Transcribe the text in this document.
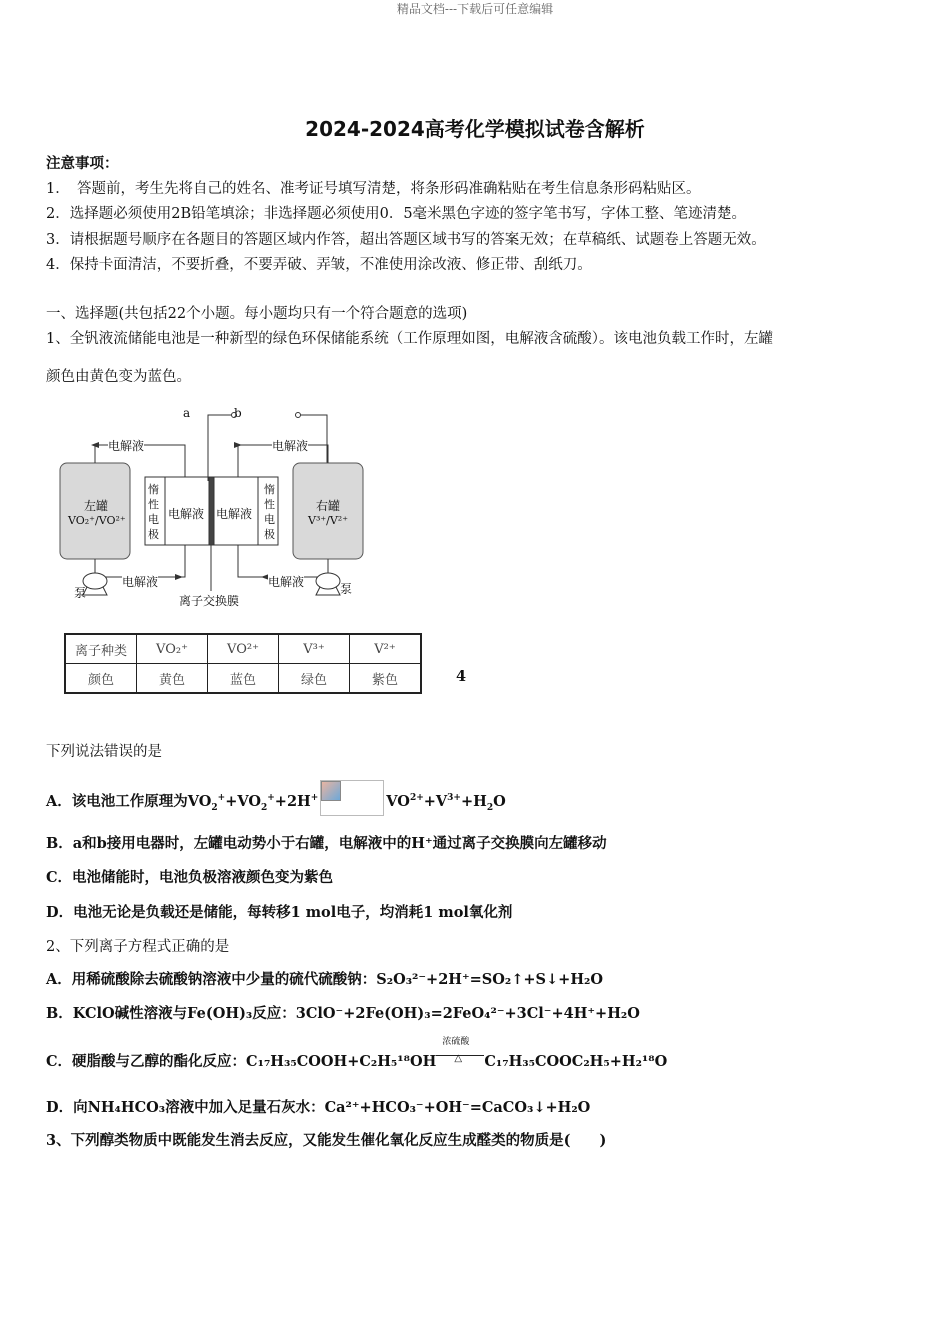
精品文档---下载后可任意编辑
2024-2024高考化学模拟试卷含解析
注意事项：
1．　答题前，考生先将自己的姓名、准考证号填写清楚，将条形码准确粘贴在考生信息条形码粘贴区。
2．选择题必须使用2B铅笔填涂；非选择题必须使用0．5毫米黑色字迹的签字笔书写，字体工整、笔迹清楚。
3．请根据题号顺序在各题目的答题区域内作答，超出答题区域书写的答案无效；在草稿纸、试题卷上答题无效。
4．保持卡面清洁，不要折叠，不要弄破、弄皱，不准使用涂改液、修正带、刮纸刀。
一、选择题(共包括22个小题。每小题均只有一个符合题意的选项)
1、全钒液流储能电池是一种新型的绿色环保储能系统（工作原理如图，电解液含硫酸）。该电池负载工作时，左罐
颜色由黄色变为蓝色。
a	b
电解液	电解液
左罐
VO₂⁺/VO²⁺
右罐
V³⁺/V²⁺
惰
性
电
极
惰
性
电
极
电解液 电解液
电解液	电解液
泵	泵
离子交换膜
离子种类	VO₂⁺	VO²⁺	V³⁺	V²⁺
颜色	黄色	蓝色	绿色	紫色	4
下列说法错误的是
A．该电池工作原理为$VO_2^++VO_2^++2H^+$	$VO^{2+}+V^{3+}+H_2O$
B．a和b接用电器时，左罐电动势小于右罐，电解液中的H⁺通过离子交换膜向左罐移动
C．电池储能时，电池负极溶液颜色变为紫色
D．电池无论是负载还是储能，每转移1 mol电子，均消耗1 mol氧化剂
2、下列离子方程式正确的是
A．用稀硫酸除去硫酸钠溶液中少量的硫代硫酸钠：S₂O₃²⁻+2H⁺=SO₂↑+S↓+H₂O
B．KClO碱性溶液与Fe(OH)₃反应：3ClO⁻+2Fe(OH)₃=2FeO₄²⁻+3Cl⁻+4H⁺+H₂O
C．硬脂酸与乙醇的酯化反应：C₁₇H₃₅COOH+C₂H₅¹⁸OH
浓硫酸
△ C₁₇H₃₅COOC₂H₅+H₂¹⁸O
D．向NH₄HCO₃溶液中加入足量石灰水：Ca²⁺+HCO₃⁻+OH⁻=CaCO₃↓+H₂O
3、下列醇类物质中既能发生消去反应，又能发生催化氧化反应生成醛类的物质是(　　)
